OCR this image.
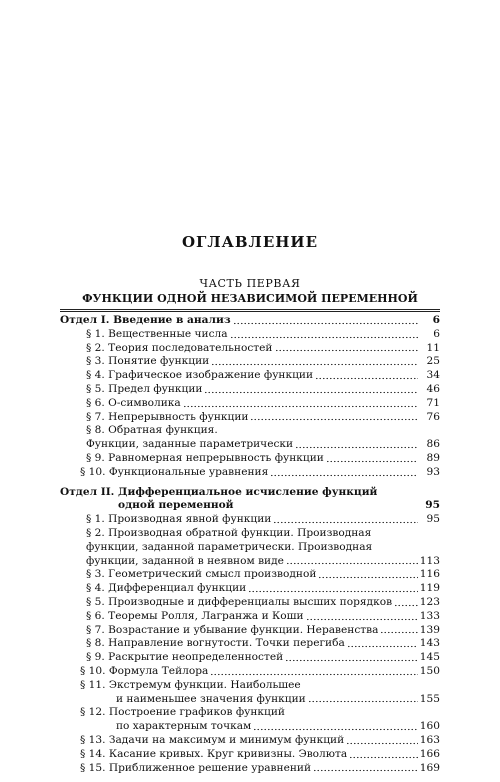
ОГЛАВЛЕНИЕ
ЧАСТЬ ПЕРВАЯ
ФУНКЦИИ ОДНОЙ НЕЗАВИСИМОЙ ПЕРЕМЕННОЙ
Отдел I. Введение в анализ	6
§ 1. Вещественные числа	6
§ 2. Теория последовательностей	11
§ 3. Понятие функции	25
§ 4. Графическое изображение функции	34
§ 5. Предел функции	46
§ 6. О-символика	71
§ 7. Непрерывность функции	76
§ 8. Обратная функция.
Функции, заданные параметрически	86
§ 9. Равномерная непрерывность функции	89
§ 10. Функциональные уравнения	93
Отдел II. Дифференциальное исчисление функций
одной переменной	95
§ 1. Производная явной функции	95
§ 2. Производная обратной функции. Производная
функции, заданной параметрически. Производная
функции, заданной в неявном виде	113
§ 3. Геометрический смысл производной	116
§ 4. Дифференциал функции	119
§ 5. Производные и дифференциалы высших порядков	123
§ 6. Теоремы Ролля, Лагранжа и Коши	133
§ 7. Возрастание и убывание функции. Неравенства	139
§ 8. Направление вогнутости. Точки перегиба	143
§ 9. Раскрытие неопределенностей	145
§ 10. Формула Тейлора	150
§ 11. Экстремум функции. Наибольшее
и наименьшее значения функции	155
§ 12. Построение графиков функций
по характерным точкам	160
§ 13. Задачи на максимум и минимум функций	163
§ 14. Касание кривых. Круг кривизны. Эволюта	166
§ 15. Приближенное решение уравнений	169
